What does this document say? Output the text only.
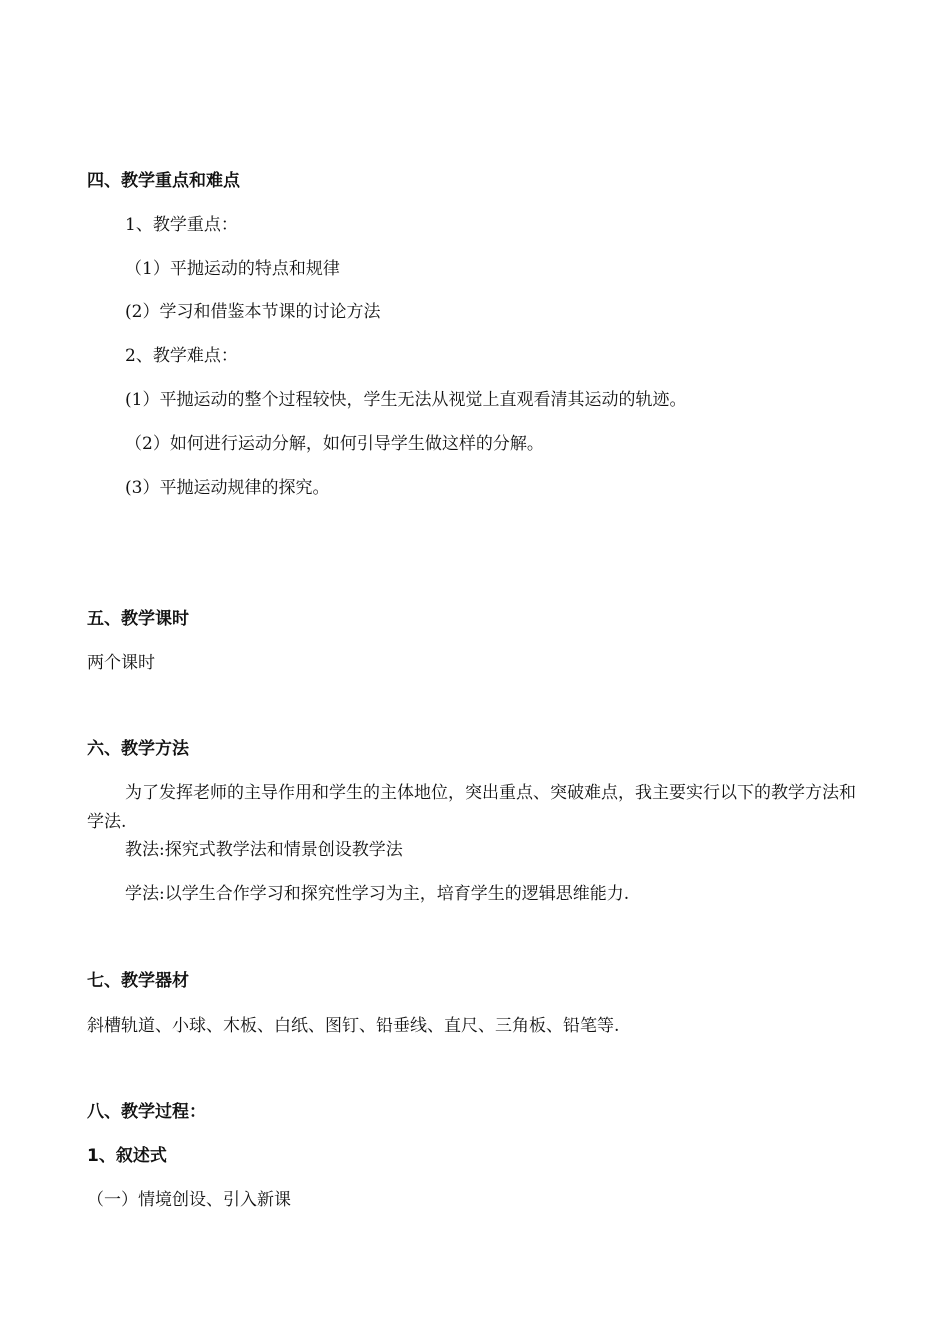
四、教学重点和难点
1、教学重点：
（1）平抛运动的特点和规律
(2）学习和借鉴本节课的讨论方法
2、教学难点：
(1）平抛运动的整个过程较快，学生无法从视觉上直观看清其运动的轨迹。
（2）如何进行运动分解，如何引导学生做这样的分解。
(3）平抛运动规律的探究。
五、教学课时
两个课时
六、教学方法
为了发挥老师的主导作用和学生的主体地位，突出重点、突破难点，我主要实行以下的教学方法和学法.
教法:探究式教学法和情景创设教学法
学法:以学生合作学习和探究性学习为主，培育学生的逻辑思维能力.
七、教学器材
斜槽轨道、小球、木板、白纸、图钉、铅垂线、直尺、三角板、铅笔等.
八、教学过程：
1、叙述式
（一）情境创设、引入新课
